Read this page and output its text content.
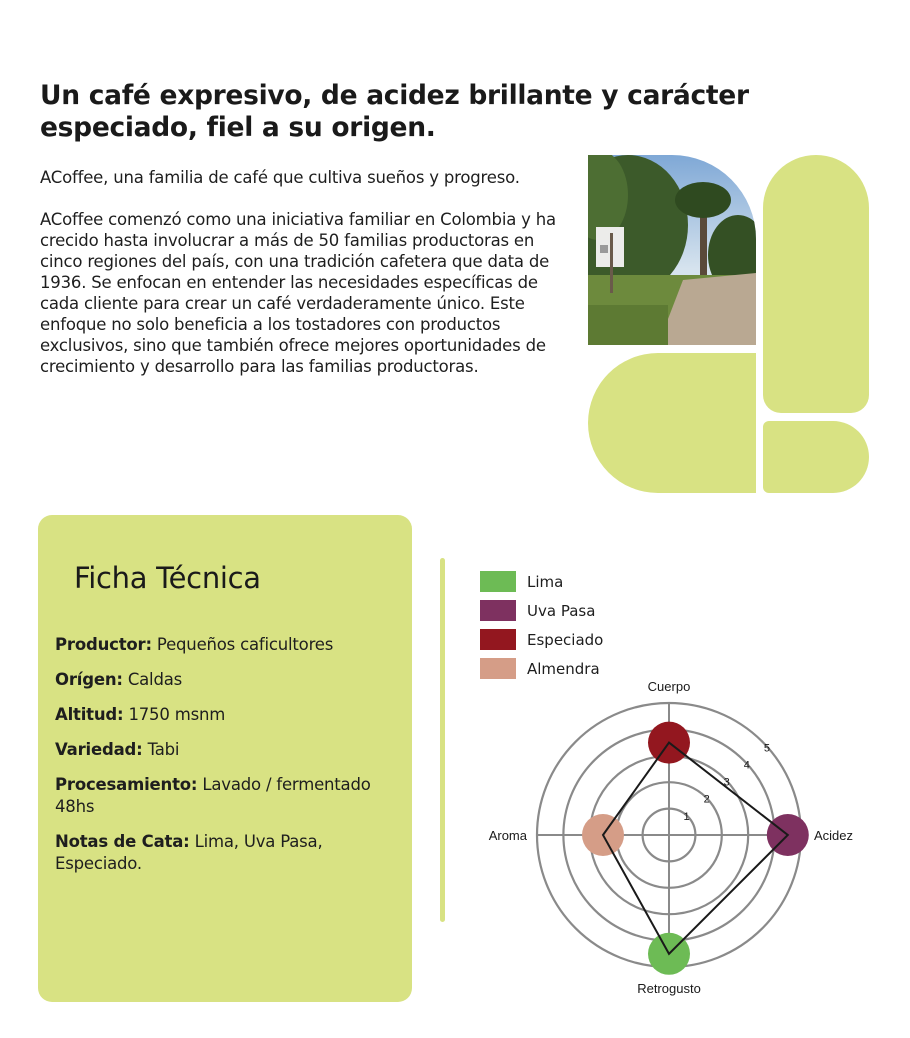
Un café expresivo, de acidez brillante y carácter especiado, fiel a su origen.

ACoffee, una familia de café que cultiva sueños y progreso.

ACoffee comenzó como una iniciativa familiar en Colombia y ha crecido hasta involucrar a más de 50 familias productoras en cinco regiones del país, con una tradición cafetera que data de 1936. Se enfocan en entender las necesidades específicas de cada cliente para crear un café verdaderamente único. Este enfoque no solo beneficia a los tostadores con productos exclusivos, sino que también ofrece mejores oportunidades de crecimiento y desarrollo para las familias productoras.

Ficha Técnica

Productor: Pequeños caficultores

Orígen: Caldas

Altitud: 1750 msnm

Variedad: Tabi

Procesamiento: Lavado / fermentado 48hs

Notas de Cata: Lima, Uva Pasa, Especiado.

Lima
Uva Pasa
Especiado
Almendra
1
2
3
4
5
Cuerpo
Acidez
Retrogusto
Aroma
